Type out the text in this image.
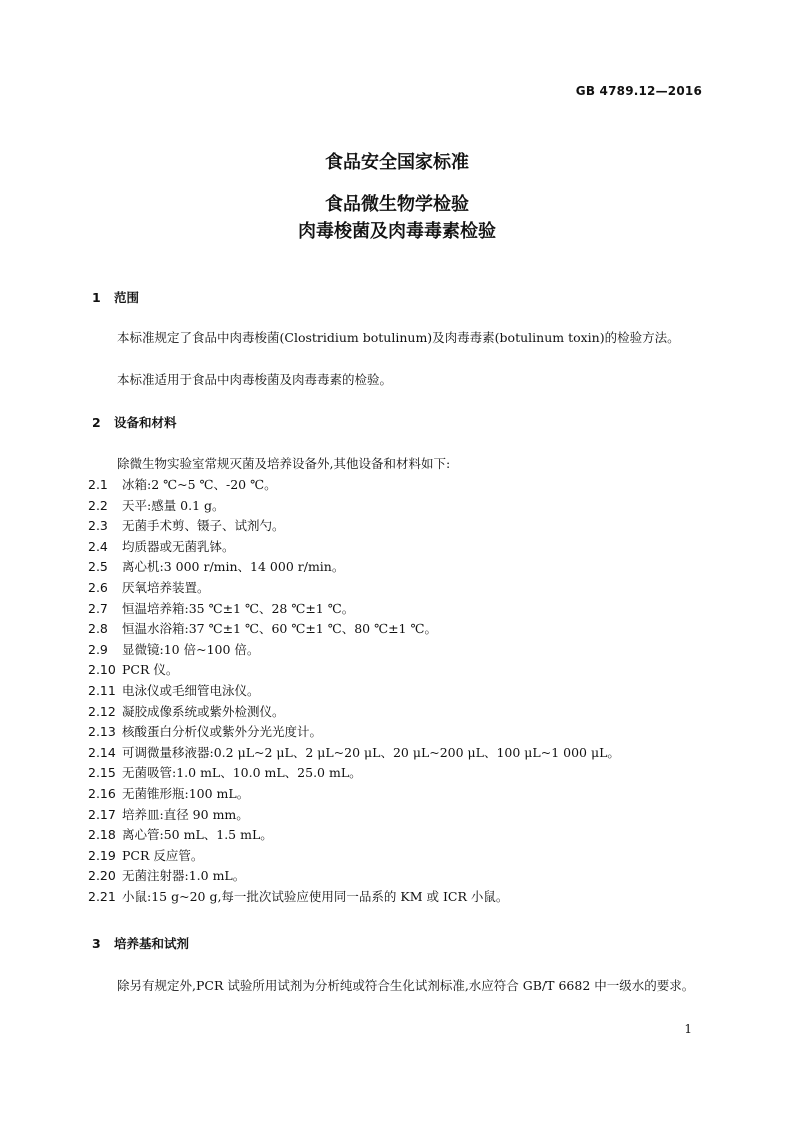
GB 4789.12—2016
食品安全国家标准
食品微生物学检验
肉毒梭菌及肉毒毒素检验
1 范围
本标准规定了食品中肉毒梭菌(Clostridium botulinum)及肉毒毒素(botulinum toxin)的检验方法。
本标准适用于食品中肉毒梭菌及肉毒毒素的检验。
2 设备和材料
除微生物实验室常规灭菌及培养设备外,其他设备和材料如下:
2.1 冰箱:2 ℃~5 ℃、-20 ℃。
2.2 天平:感量 0.1 g。
2.3 无菌手术剪、镊子、试剂勺。
2.4 均质器或无菌乳钵。
2.5 离心机:3 000 r/min、14 000 r/min。
2.6 厌氧培养装置。
2.7 恒温培养箱:35 ℃±1 ℃、28 ℃±1 ℃。
2.8 恒温水浴箱:37 ℃±1 ℃、60 ℃±1 ℃、80 ℃±1 ℃。
2.9 显微镜:10 倍~100 倍。
2.10 PCR 仪。
2.11 电泳仪或毛细管电泳仪。
2.12 凝胶成像系统或紫外检测仪。
2.13 核酸蛋白分析仪或紫外分光光度计。
2.14 可调微量移液器:0.2 μL~2 μL、2 μL~20 μL、20 μL~200 μL、100 μL~1 000 μL。
2.15 无菌吸管:1.0 mL、10.0 mL、25.0 mL。
2.16 无菌锥形瓶:100 mL。
2.17 培养皿:直径 90 mm。
2.18 离心管:50 mL、1.5 mL。
2.19 PCR 反应管。
2.20 无菌注射器:1.0 mL。
2.21 小鼠:15 g~20 g,每一批次试验应使用同一品系的 KM 或 ICR 小鼠。
3 培养基和试剂
除另有规定外,PCR 试验所用试剂为分析纯或符合生化试剂标准,水应符合 GB/T 6682 中一级水的要求。
1
